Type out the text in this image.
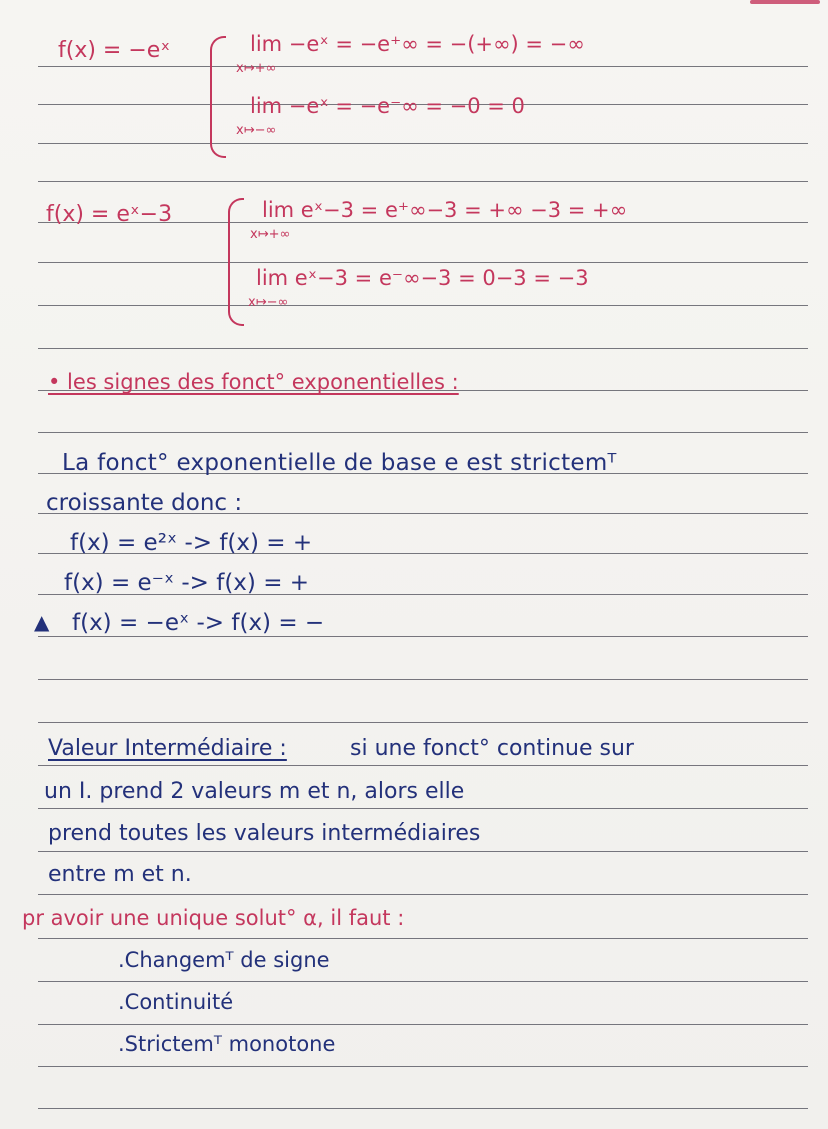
f(x) = −eˣ	lim −eˣ = −e⁺∞ = −(+∞) = −∞
x↦+∞
lim −eˣ = −e⁻∞ = −0 = 0
x↦−∞
f(x) = eˣ−3	lim eˣ−3 = e⁺∞−3 = +∞ −3 = +∞
x↦+∞
lim eˣ−3 = e⁻∞−3 = 0−3 = −3
x↦−∞
• les signes des fonct° exponentielles :
La fonct° exponentielle de base e est strictemᵀ
croissante donc :
f(x) = e²ˣ -> f(x) = +
f(x) = e⁻ˣ -> f(x) = +
▲ f(x) = −eˣ -> f(x) = −
Valeur Intermédiaire :	si une fonct° continue sur
un I. prend 2 valeurs m et n, alors elle
prend toutes les valeurs intermédiaires
entre m et n.
pr avoir une unique solut° α, il faut :
.Changemᵀ de signe
.Continuité
.Strictemᵀ monotone
